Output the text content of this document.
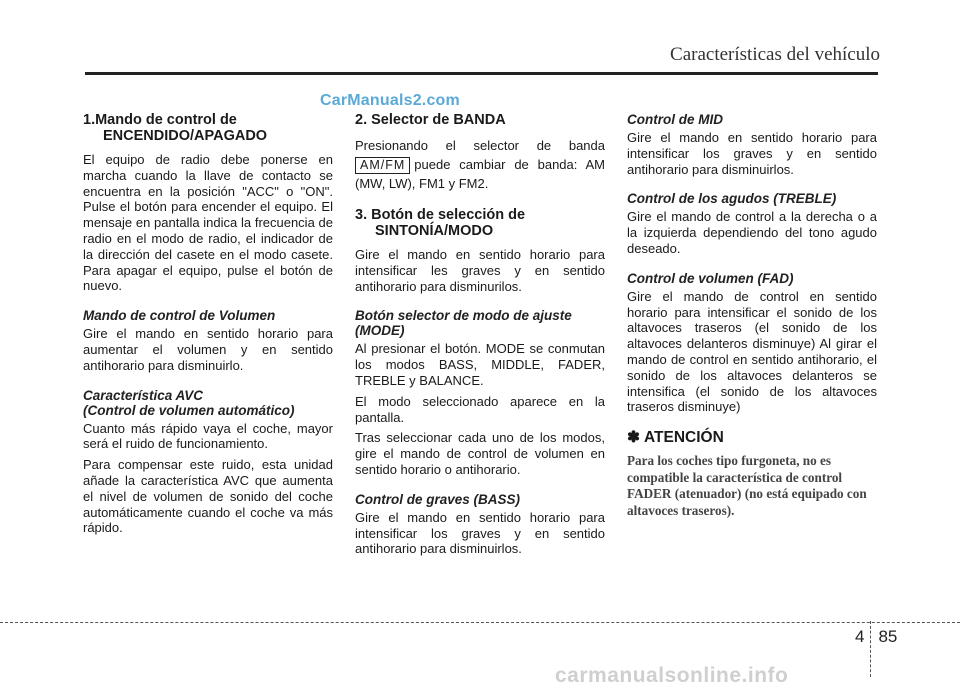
Características del vehículo
CarManuals2.com
1.Mando de control de
ENCENDIDO/APAGADO

El equipo de radio debe ponerse en marcha cuando la llave de contacto se encuentra en la posición "ACC" o "ON". Pulse el botón para encender el equipo. El mensaje en pantalla indica la frecuencia de radio en el modo de radio, el indicador de la dirección del casete en el modo casete. Para apagar el equipo, pulse el botón de nuevo.

Mando de control de Volumen

Gire el mando en sentido horario para aumentar el volumen y en sentido antihorario para disminuirlo.

Característica AVC
(Control de volumen automático)

Cuanto más rápido vaya el coche, mayor será el ruido de funcionamiento.

Para compensar este ruido, esta unidad añade la característica AVC que aumenta el nivel de volumen de sonido del coche automáticamente cuando el coche va más rápido.

2. Selector de BANDA

Presionando el selector de banda AM/FM puede cambiar de banda: AM (MW, LW), FM1 y FM2.

3. Botón de selección de
SINTONÍA/MODO

Gire el mando en sentido horario para intensificar les graves y en sentido antihorario para disminurilos.

Botón selector de modo de ajuste
(MODE)

Al presionar el botón. MODE se conmutan los modos BASS, MIDDLE, FADER, TREBLE y BALANCE.

El modo seleccionado aparece en la pantalla.

Tras seleccionar cada uno de los modos, gire el mando de control de volumen en sentido horario o antihorario.

Control de graves (BASS)

Gire el mando en sentido horario para intensificar los graves y en sentido antihorario para disminuirlos.

Control de MID

Gire el mando en sentido horario para intensificar los graves y en sentido antihorario para disminuirlos.

Control de los agudos (TREBLE)

Gire el mando de control a la derecha o a la izquierda dependiendo del tono agudo deseado.

Control de volumen (FAD)

Gire el mando de control en sentido horario para intensificar el sonido de los altavoces traseros (el sonido de los altavoces delanteros disminuye) Al girar el mando de control en sentido antihorario, el sonido de los altavoces delanteros se intensifica (el sonido de los altavoces traseros disminuye)

✽ ATENCIÓN

Para los coches tipo furgoneta, no es compatible la característica de control FADER (atenuador) (no está equipado con altavoces traseros).

4 85
carmanualsonline.info
